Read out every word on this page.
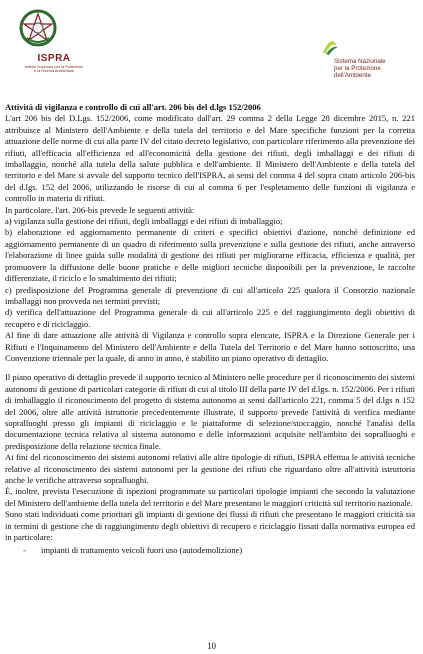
ISPRA
Istituto Superiore per la Protezione
e la Ricerca Ambientale
Sistema Nazionale
per la Protezione
dell'Ambiente

Attività di vigilanza e controllo di cui all'art. 206 bis del d.lgs 152/2006

L'art 206 bis del D.Lgs. 152/2006, come modificato dall'art. 29 comma 2 della Legge 28 dicembre 2015, n. 221 attribuisce al Ministero dell'Ambiente e della tutela del territorio e del Mare specifiche funzioni per la corretta attuazione delle norme di cui alla parte IV del citato decreto legislativo, con particolare riferimento alla prevenzione dei rifiuti, all'efficacia all'efficienza ed all'economicità della gestione dei rifiuti, degli imballaggi e dei rifiuti di imballaggio, nonché alla tutela della salute pubblica e dell'ambiente. Il Ministero dell'Ambiente e della tutela del territorio e del Mare si avvale del supporto tecnico dell'ISPRA, ai sensi del comma 4 del sopra citato articolo 206-bis del d.lgs. 152 del 2006, utilizzando le risorse di cui al comma 6 per l'espletamento delle funzioni di vigilanza e controllo in materia di rifiuti.

In particolare, l'art. 206-bis prevede le seguenti attività:

a) vigilanza sulla gestione dei rifiuti, degli imballaggi e dei rifiuti di imballaggio;

b) elaborazione ed aggiornamento permanente di criteri e specifici obiettivi d'azione, nonché definizione ed aggiornamento permanente di un quadro di riferimento sulla prevenzione e sulla gestione dei rifiuti, anche attraverso l'elaborazione di linee guida sulle modalità di gestione dei rifiuti per migliorarne efficacia, efficienza e qualità, per promuovere la diffusione delle buone pratiche e delle migliori tecniche disponibili per la prevenzione, le raccolte differenziate, il riciclo e lo smaltimento dei rifiuti;

c) predisposizione del Programma generale di prevenzione di cui all'articolo 225 qualora il Consorzio nazionale imballaggi non provveda nei termini previsti;

d) verifica dell'attuazione del Programma generale di cui all'articolo 225 e del raggiungimento degli obiettivi di recupero e di riciclaggio.

Al fine di dare attuazione alle attività di Vigilanza e controllo sopra elencate, ISPRA e la Direzione Generale per i Rifiuti e l'Inquinamento del Ministero dell'Ambiente e della Tutela del Territorio e del Mare hanno sottoscritto, una Convenzione triennale per la quale, di anno in anno, è stabilito un piano operativo di dettaglio.

Il piano operativo di dettaglio prevede il supporto tecnico al Ministero nelle procedure per il riconoscimento dei sistemi autonomi di gestione di particolari categorie di rifiuti di cui al titolo III della parte IV del d.lgs. n. 152/2006. Per i rifiuti di imballaggio il riconoscimento del progetto di sistema autonomo ai sensi dall'articolo 221, comma 5 del d.lgs n 152 del 2006, oltre alle attività istruttorie precedentemente illustrate, il supporto prevede l'attività di verifica mediante sopralluoghi presso gli impianti di riciclaggio e le piattaforme di selezione/stoccaggio, nonché l'analisi della documentazione tecnica relativa al sistema autonomo e delle informazioni acquisite nell'ambito dei sopralluoghi e predisposizione della relazione tecnica finale.

Ai fini del riconoscimento dei sistemi autonomi relativi alle altre tipologie di rifiuti, ISPRA effettua le attività tecniche relative al riconoscimento dei sistemi autonomi per la gestione dei rifiuti che riguardano oltre all'attività istruttoria anche le verifiche attraverso sopralluoghi.

È, inoltre, prevista l'esecuzione di ispezioni programmate su particolari tipologie impianti che secondo la valutazione del Ministero dell'ambiente della tutela del territorio e del Mare presentano le maggiori criticità sul territorio nazionale.

Sono stati individuati come prioritari gli impianti di gestione dei flussi di rifiuti che presentano le maggiori criticità sia in termini di gestione che di raggiungimento degli obiettivi di recupero e riciclaggio fissati dalla normativa europea ed in particolare:

-	impianti di trattamento veicoli fuori uso (autodemolizione)
10
